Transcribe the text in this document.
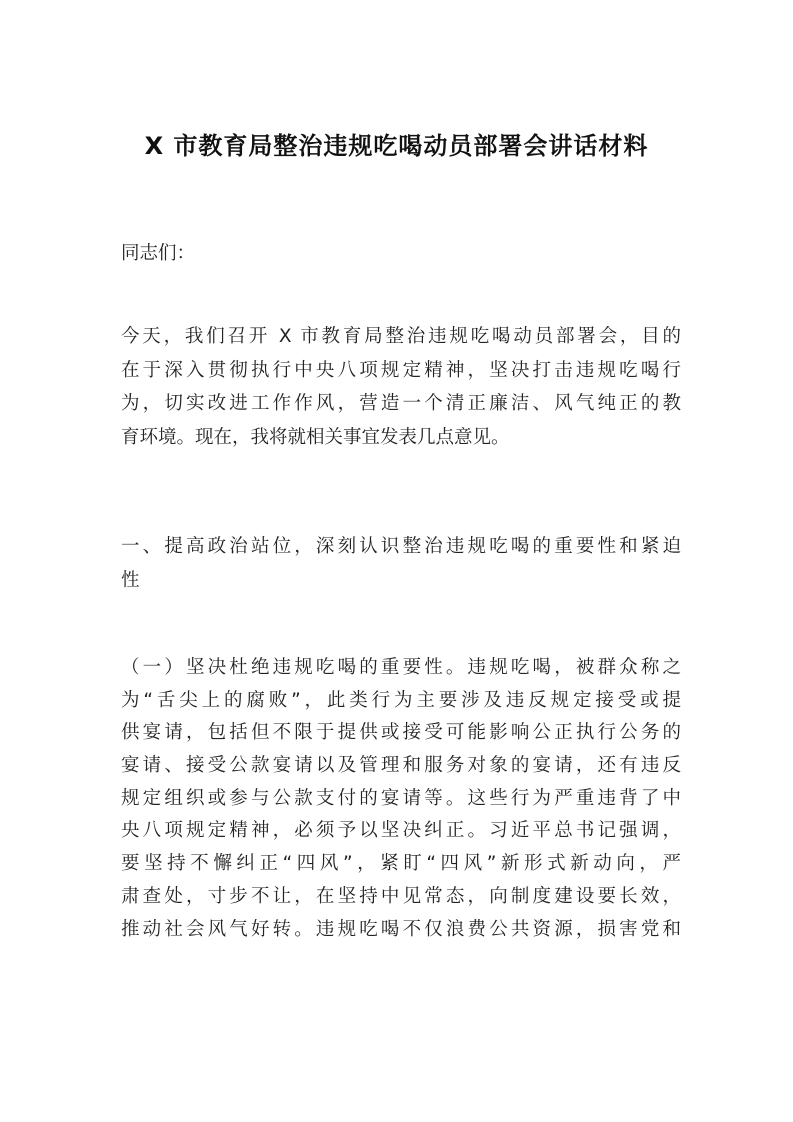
X 市教育局整治违规吃喝动员部署会讲话材料
同志们：
今天，我们召开 X 市教育局整治违规吃喝动员部署会，目的
在于深入贯彻执行中央八项规定精神，坚决打击违规吃喝行
为，切实改进工作作风，营造一个清正廉洁、风气纯正的教
育环境。现在，我将就相关事宜发表几点意见。
一、提高政治站位，深刻认识整治违规吃喝的重要性和紧迫
性
（一）坚决杜绝违规吃喝的重要性。违规吃喝，被群众称之
为“舌尖上的腐败”，此类行为主要涉及违反规定接受或提
供宴请，包括但不限于提供或接受可能影响公正执行公务的
宴请、接受公款宴请以及管理和服务对象的宴请，还有违反
规定组织或参与公款支付的宴请等。这些行为严重违背了中
央八项规定精神，必须予以坚决纠正。习近平总书记强调，
要坚持不懈纠正“四风”，紧盯“四风”新形式新动向，严
肃查处，寸步不让，在坚持中见常态，向制度建设要长效，
推动社会风气好转。违规吃喝不仅浪费公共资源，损害党和
